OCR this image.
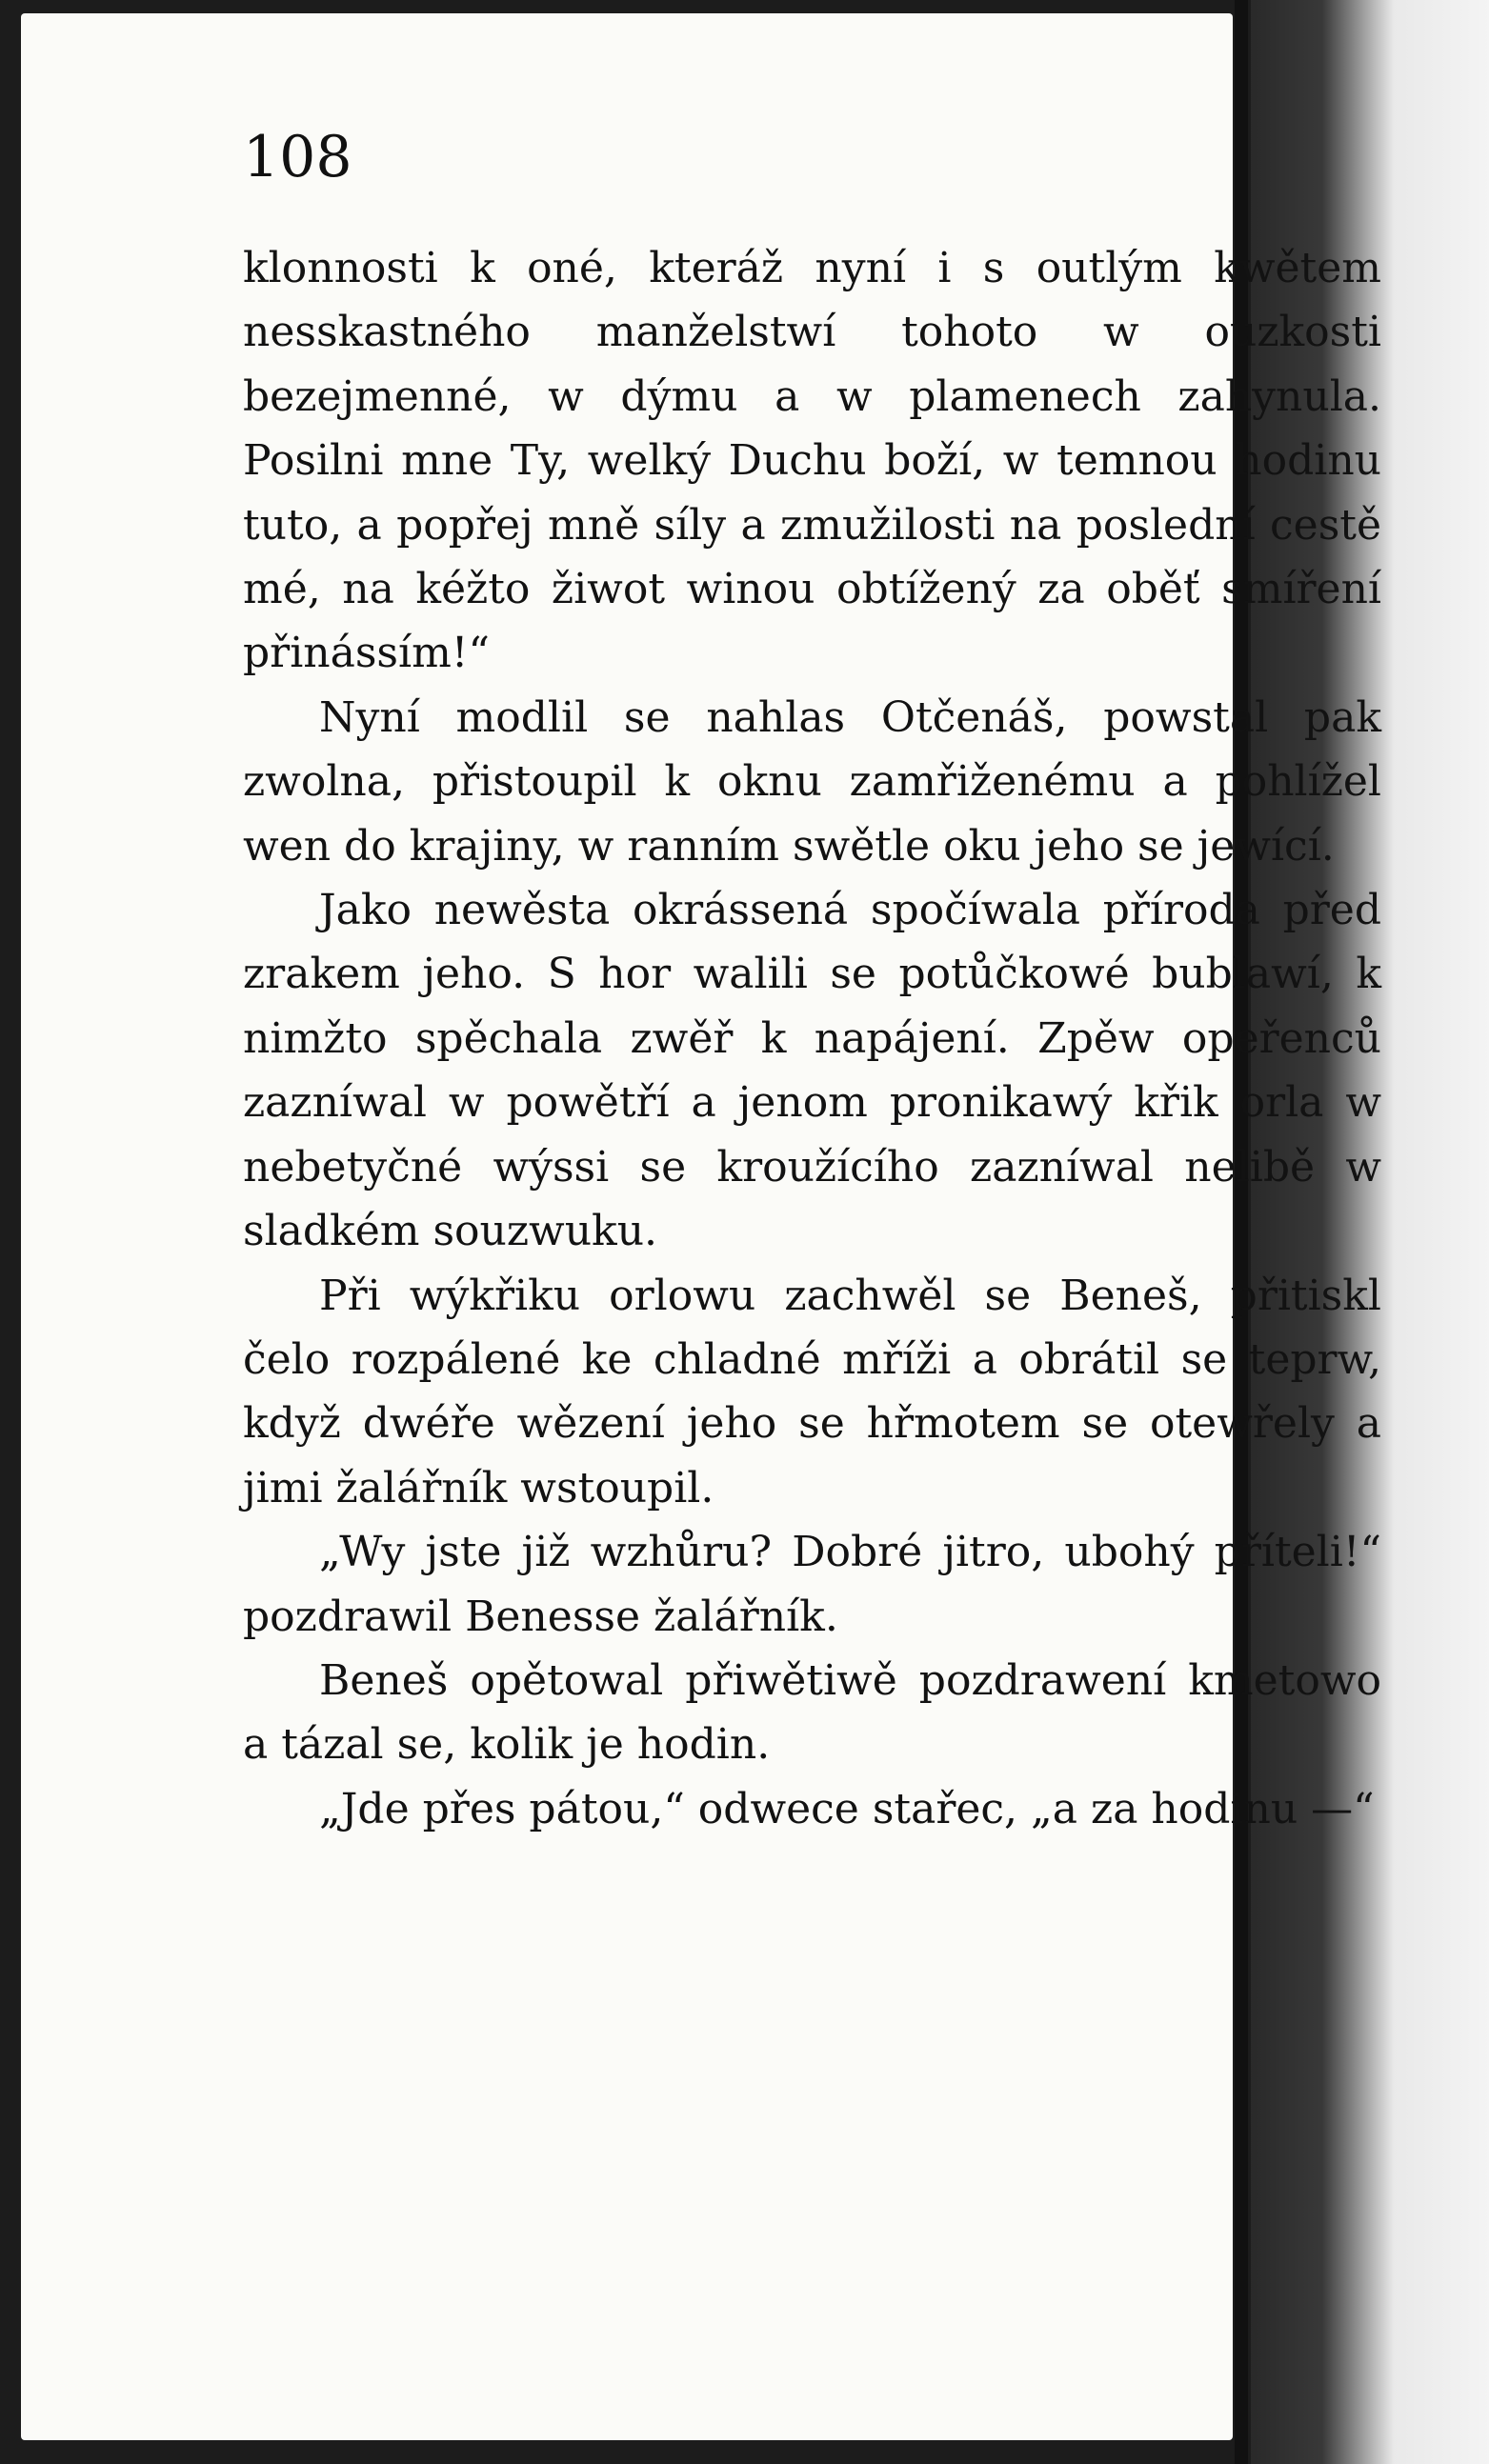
108

klonnosti k oné, kteráž nyní i s outlým kwětem nesskastného manželstwí tohoto w ouzkosti bezejmenné, w dýmu a w plamenech zahynula. Posilni mne Ty, welký Duchu boží, w temnou hodinu tuto, a popřej mně síly a zmužilosti na poslední cestě mé, na kéžto žiwot winou obtížený za oběť smíření přinássím!“

Nyní modlil se nahlas Otčenáš, powstal pak zwolna, přistoupil k oknu zamřiženému a pohlížel wen do krajiny, w ranním swětle oku jeho se jewící.

Jako newěsta okrássená spočíwala příroda před zrakem jeho. S hor walili se potůčkowé bublawí, k nimžto spěchala zwěř k napájení. Zpěw opeřenců zazníwal w powětří a jenom pronikawý křik orla w nebetyčné wýssi se kroužícího zazníwal nelibě w sladkém souzwuku.

Při wýkřiku orlowu zachwěl se Beneš, přitiskl čelo rozpálené ke chladné mříži a obrátil se teprw, když dwéře wězení jeho se hřmotem se otewřely a jimi žalářník wstoupil.

„Wy jste již wzhůru? Dobré jitro, ubohý příteli!“ pozdrawil Benesse žalářník.

Beneš opětowal přiwětiwě pozdrawení kmetowo a tázal se, kolik je hodin.

„Jde přes pátou,“ odwece stařec, „a za hodinu —“
